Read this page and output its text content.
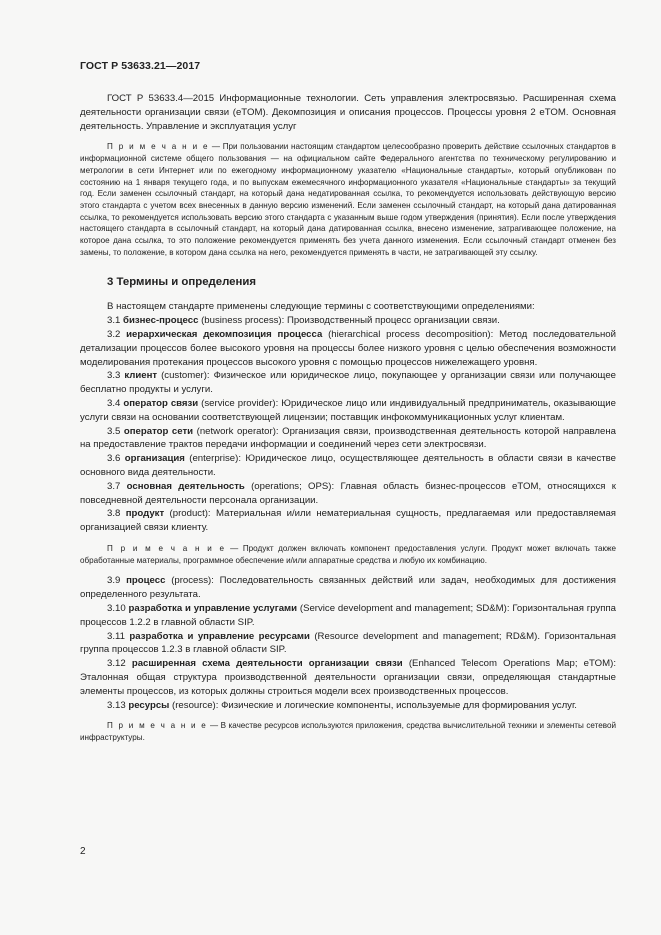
ГОСТ Р 53633.21—2017

ГОСТ Р 53633.4—2015 Информационные технологии. Сеть управления электросвязью. Расширенная схема деятельности организации связи (eTOM). Декомпозиция и описания процессов. Процессы уровня 2 eTOM. Основная деятельность. Управление и эксплуатация услуг

П р и м е ч а н и е — При пользовании настоящим стандартом целесообразно проверить действие ссылочных стандартов в информационной системе общего пользования — на официальном сайте Федерального агентства по техническому регулированию и метрологии в сети Интернет или по ежегодному информационному указателю «Национальные стандарты», который опубликован по состоянию на 1 января текущего года, и по выпускам ежемесячного информационного указателя «Национальные стандарты» за текущий год. Если заменен ссылочный стандарт, на который дана недатированная ссылка, то рекомендуется использовать действующую версию этого стандарта с учетом всех внесенных в данную версию изменений. Если заменен ссылочный стандарт, на который дана датированная ссылка, то рекомендуется использовать версию этого стандарта с указанным выше годом утверждения (принятия). Если после утверждения настоящего стандарта в ссылочный стандарт, на который дана датированная ссылка, внесено изменение, затрагивающее положение, на которое дана ссылка, то это положение рекомендуется применять без учета данного изменения. Если ссылочный стандарт отменен без замены, то положение, в котором дана ссылка на него, рекомендуется применять в части, не затрагивающей эту ссылку.

3 Термины и определения

В настоящем стандарте применены следующие термины с соответствующими определениями:

3.1 бизнес-процесс (business process): Производственный процесс организации связи.

3.2 иерархическая декомпозиция процесса (hierarchical process decomposition): Метод последовательной детализации процессов более высокого уровня на процессы более низкого уровня с целью обеспечения возможности моделирования протекания процессов высокого уровня с помощью процессов нижележащего уровня.

3.3 клиент (customer): Физическое или юридическое лицо, покупающее у организации связи или получающее бесплатно продукты и услуги.

3.4 оператор связи (service provider): Юридическое лицо или индивидуальный предприниматель, оказывающие услуги связи на основании соответствующей лицензии; поставщик инфокоммуникационных услуг клиентам.

3.5 оператор сети (network operator): Организация связи, производственная деятельность которой направлена на предоставление трактов передачи информации и соединений через сети электросвязи.

3.6 организация (enterprise): Юридическое лицо, осуществляющее деятельность в области связи в качестве основного вида деятельности.

3.7 основная деятельность (operations; OPS): Главная область бизнес-процессов eTOM, относящихся к повседневной деятельности персонала организации.

3.8 продукт (product): Материальная и/или нематериальная сущность, предлагаемая или предоставляемая организацией связи клиенту.

П р и м е ч а н и е — Продукт должен включать компонент предоставления услуги. Продукт может включать также обработанные материалы, программное обеспечение и/или аппаратные средства и любую их комбинацию.

3.9 процесс (process): Последовательность связанных действий или задач, необходимых для достижения определенного результата.

3.10 разработка и управление услугами (Service development and management; SD&M): Горизонтальная группа процессов 1.2.2 в главной области SIP.

3.11 разработка и управление ресурсами (Resource development and management; RD&M). Горизонтальная группа процессов 1.2.3 в главной области SIP.

3.12 расширенная схема деятельности организации связи (Enhanced Telecom Operations Map; eTOM): Эталонная общая структура производственной деятельности организации связи, определяющая стандартные элементы процессов, из которых должны строиться модели всех производственных процессов.

3.13 ресурсы (resource): Физические и логические компоненты, используемые для формирования услуг.

П р и м е ч а н и е — В качестве ресурсов используются приложения, средства вычислительной техники и элементы сетевой инфраструктуры.

2
